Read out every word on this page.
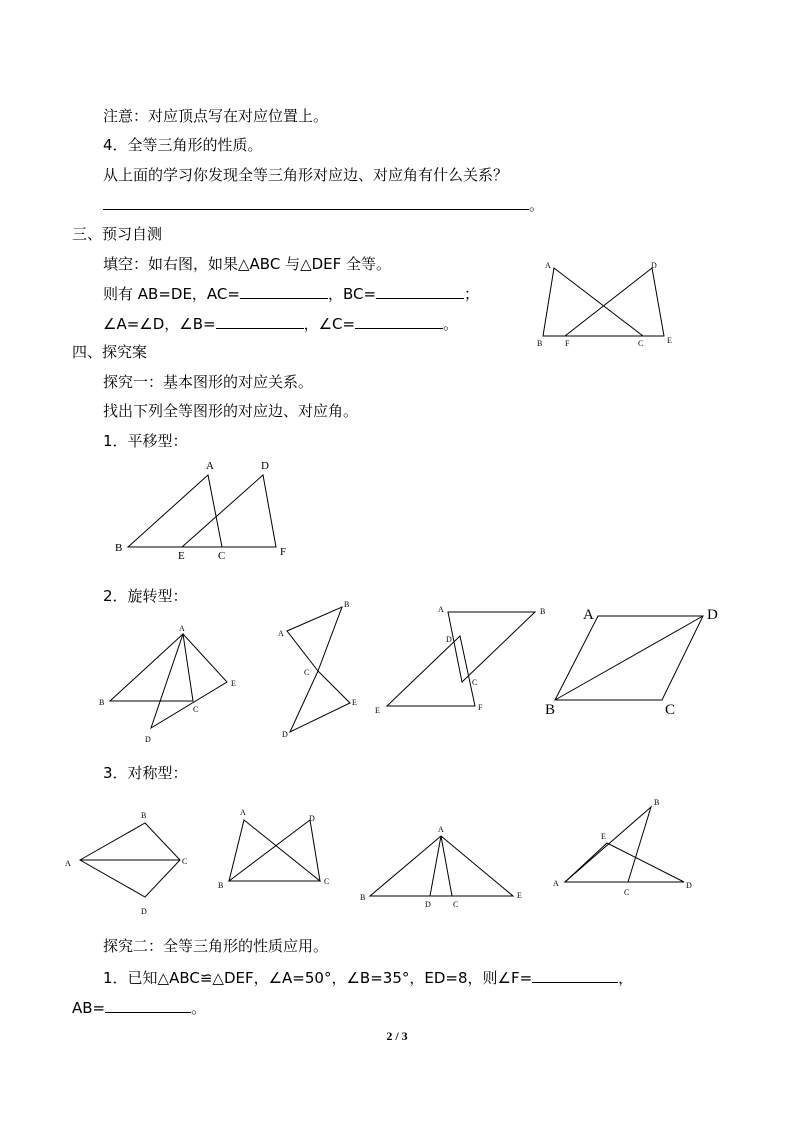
注意：对应顶点写在对应位置上。
4．全等三角形的性质。
从上面的学习你发现全等三角形对应边、对应角有什么关系？
。
三、预习自测
填空：如右图，如果△ABC 与△DEF 全等。
则有 AB=DE，AC=	，BC=	；
∠A=∠D，∠B=	，∠C=	。
四、探究案
探究一：基本图形的对应关系。
找出下列全等图形的对应边、对应角。
1．平移型：
2．旋转型：
3．对称型：
探究二：全等三角形的性质应用。
1．已知△ABC≌△DEF，∠A=50°，∠B=35°，ED=8，则∠F=	，
AB=	。
2 / 3
A	D
B	F	C	E
A	D
B
E	C	F
A
B
C
E
D
B
A
C
E
D
A	B
D
C
E	F
A	D
B	C
B
A	C
D
A
D
B	C
A
B
D	C
E
B
E
A
C
D
